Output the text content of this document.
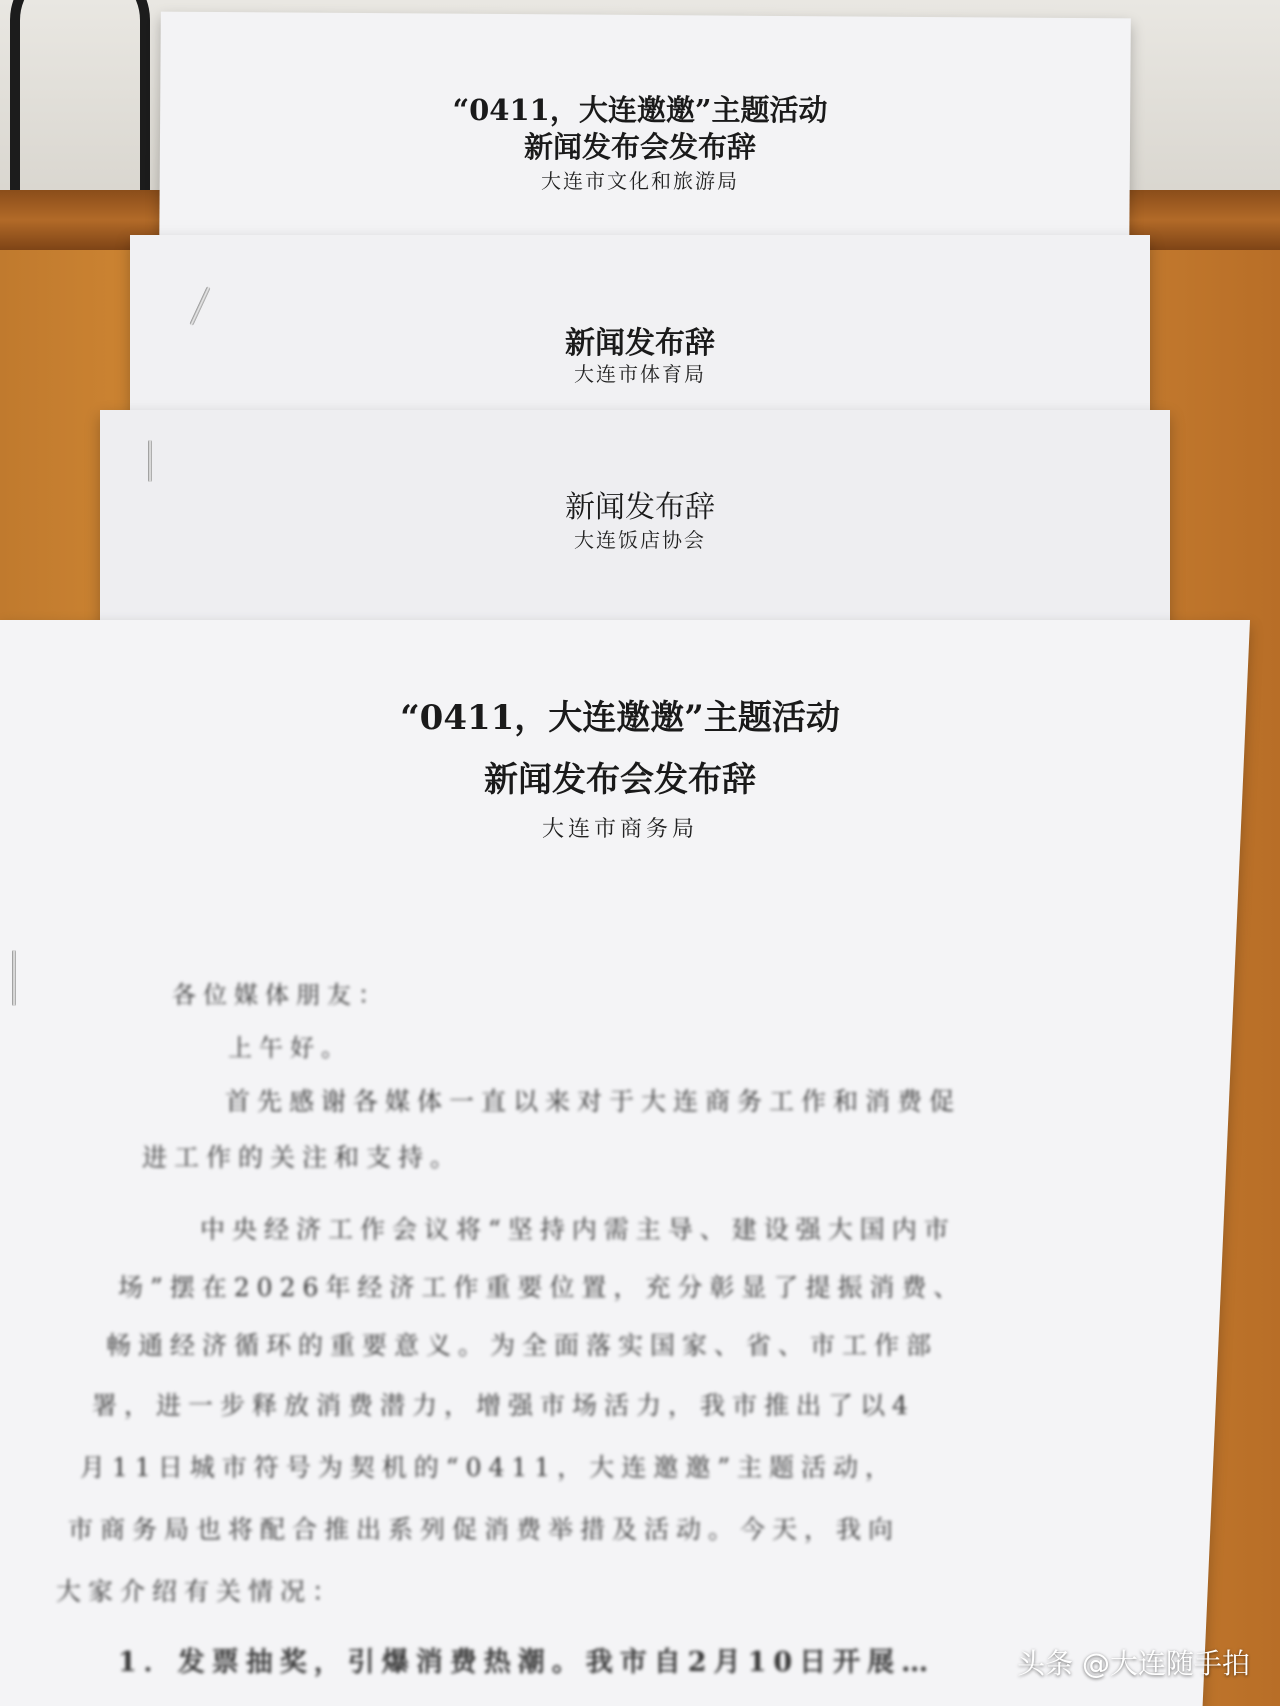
“0411，大连邀邀”主题活动
新闻发布会发布辞
大连市文化和旅游局
新闻发布辞
大连市体育局
新闻发布辞
大连饭店协会
“0411，大连邀邀”主题活动
新闻发布会发布辞
大连市商务局
各位媒体朋友：
上午好。
首先感谢各媒体一直以来对于大连商务工作和消费促
进工作的关注和支持。
中央经济工作会议将“坚持内需主导、建设强大国内市
场”摆在2026年经济工作重要位置，充分彰显了提振消费、
畅通经济循环的重要意义。为全面落实国家、省、市工作部
署，进一步释放消费潜力，增强市场活力，我市推出了以4
月11日城市符号为契机的“0411，大连邀邀”主题活动，
市商务局也将配合推出系列促消费举措及活动。今天，我向
大家介绍有关情况：
1．发票抽奖，引爆消费热潮。我市自2月10日开展…	头条 @大连随手拍
